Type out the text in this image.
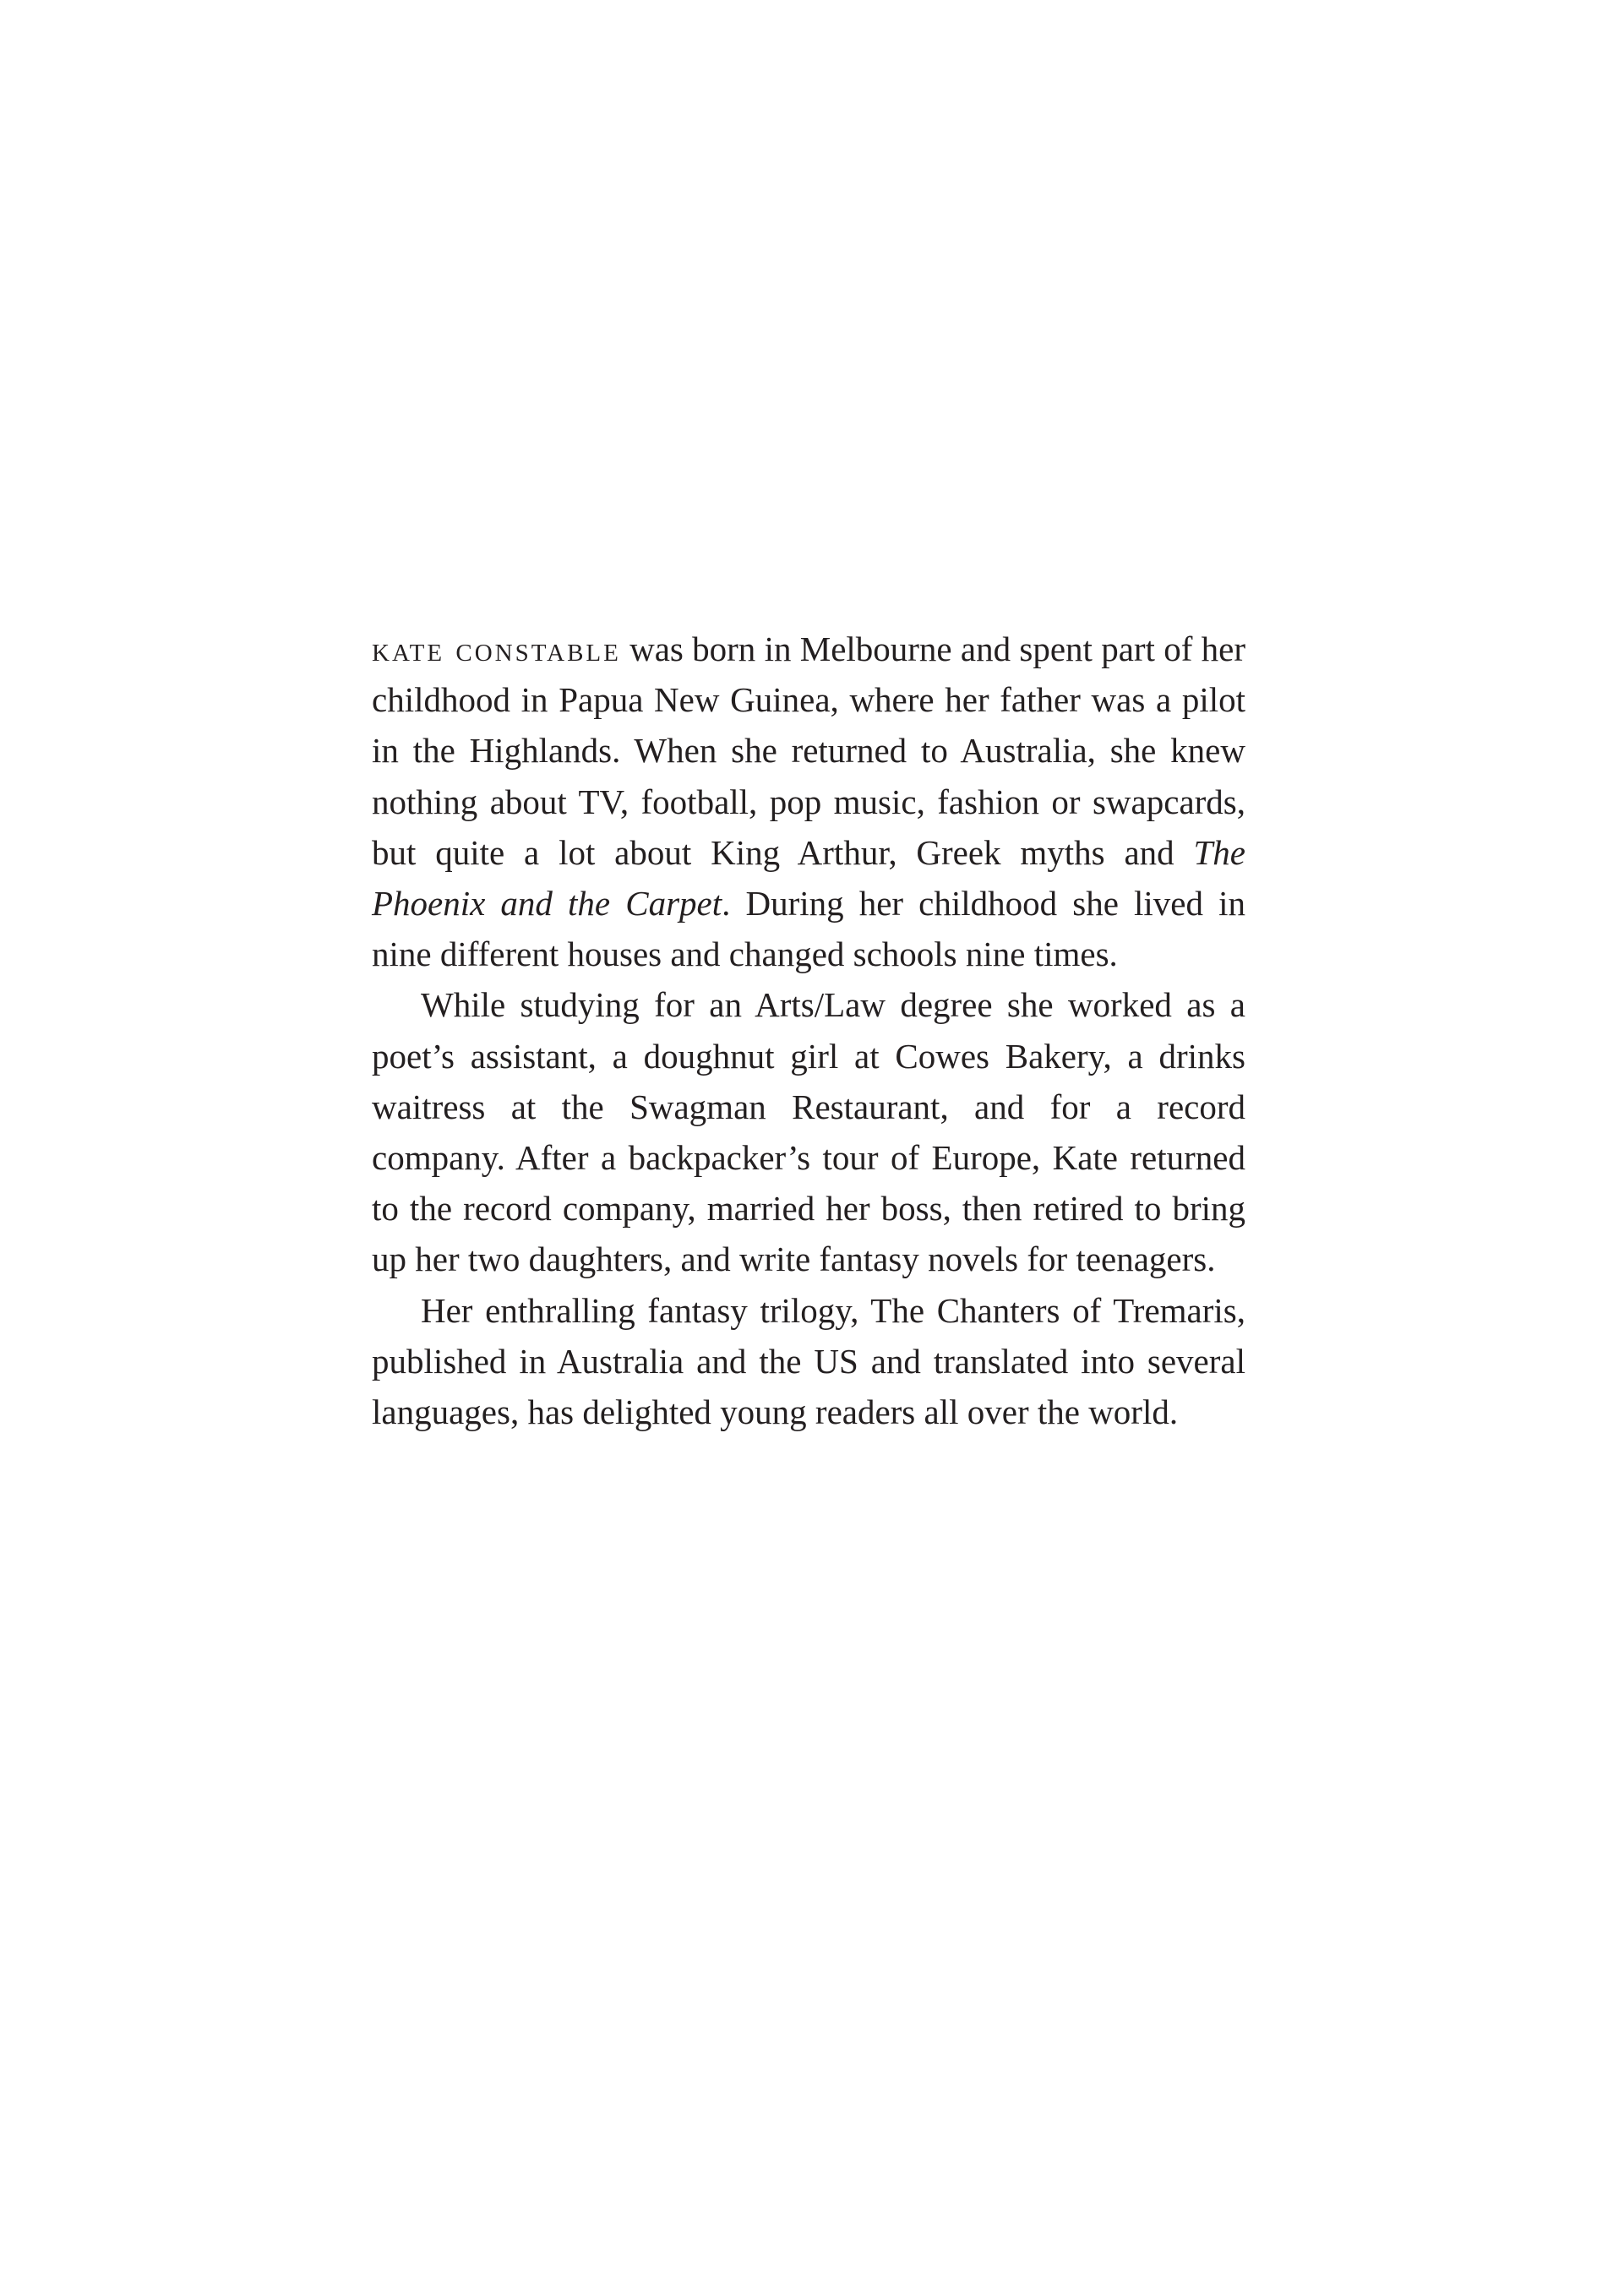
kate constable was born in Melbourne and spent part of her childhood in Papua New Guinea, where her father was a pilot in the Highlands. When she returned to Australia, she knew nothing about TV, football, pop music, fashion or swapcards, but quite a lot about King Arthur, Greek myths and The Phoenix and the Carpet. During her childhood she lived in nine different houses and changed schools nine times.

While studying for an Arts/Law degree she worked as a poet’s assistant, a doughnut girl at Cowes Bakery, a drinks waitress at the Swagman Restaurant, and for a record company. After a backpacker’s tour of Europe, Kate returned to the record company, married her boss, then retired to bring up her two daughters, and write fantasy novels for teenagers.

Her enthralling fantasy trilogy, The Chanters of Tremaris, published in Australia and the US and translated into several languages, has delighted young readers all over the world.
